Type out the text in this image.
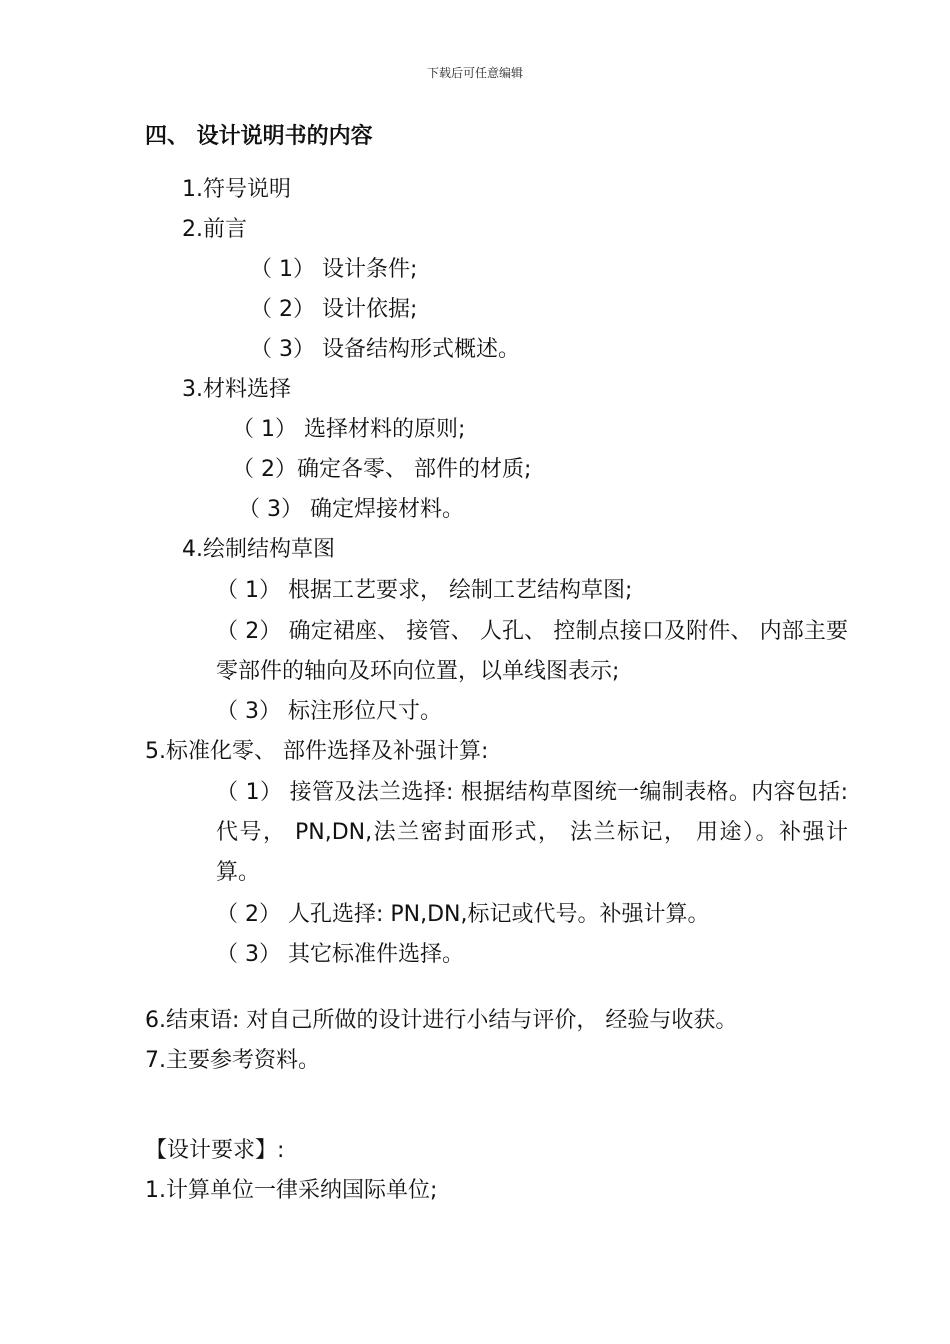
下载后可任意编辑
四、 设计说明书的内容
1.符号说明
2.前言
（ 1） 设计条件;
（ 2） 设计依据;
（ 3） 设备结构形式概述。
3.材料选择
（ 1） 选择材料的原则;
（ 2）确定各零、 部件的材质;
（ 3） 确定焊接材料。
4.绘制结构草图
（ 1） 根据工艺要求， 绘制工艺结构草图;
（ 2） 确定裙座、 接管、 人孔、 控制点接口及附件、 内部主要零部件的轴向及环向位置，以单线图表示;
（ 3） 标注形位尺寸。
5.标准化零、 部件选择及补强计算:
（ 1） 接管及法兰选择: 根据结构草图统一编制表格。内容包括: 代号， PN,DN,法兰密封面形式， 法兰标记， 用途）。补强计算。
（ 2） 人孔选择: PN,DN,标记或代号。补强计算。
（ 3） 其它标准件选择。
6.结束语: 对自己所做的设计进行小结与评价， 经验与收获。
7.主要参考资料。
【设计要求】:
1.计算单位一律采纳国际单位;
